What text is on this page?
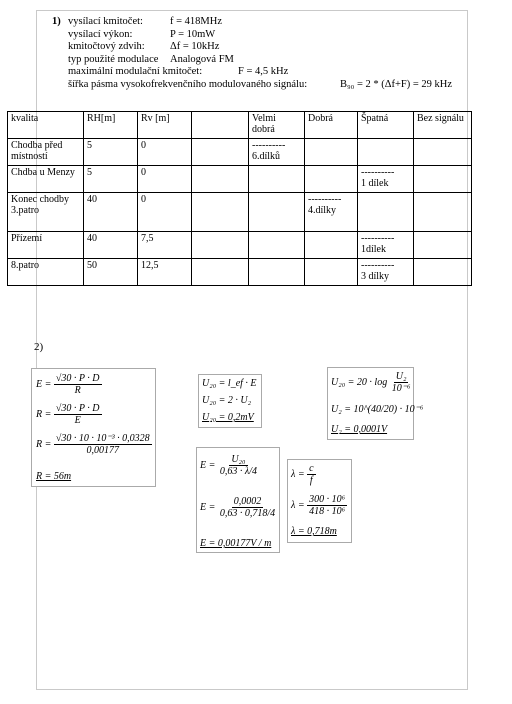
1) vysílací kmitočet:	f = 418MHz
vysílací výkon:	P = 10mW
kmitočtový zdvih: Δf = 10kHz
typ použité modulace Analogová FM
maximální modulační kmitočet:	F = 4,5 kHz
šířka pásma vysokofrekvenčního modulovaného signálu:	B₉₀ = 2 * (Δf+F) = 29 kHz
kvalita	RH[m]	Rv [m]		Velmi dobrá	Dobrá	Špatná	Bez signálu
Chodba před místností	5	0		----------
6.dílků			
Chdba u Menzy	5	0				----------
1 dílek	
Konec chodby 3.patro	40	0			----------
4.dílky		
Přízemí	40	7,5				----------
1dílek	
8.patro	50	12,5				----------
3 dílky	
2)
$E = \frac{√30 \cdot P \cdot D}{R}$
$R = \frac{√30 \cdot P \cdot D}{E}$
$R = \frac{\text{√30 · 10 · 10⁻³ · 0,0328}}{0,00177}$
R = 56m
U₂₀ = l_ef · E
U₂₀ = 2 · U₂
U₂₀ = 0,2mV
$U_{20} = 20 \cdot \log \frac{\text{U₂}}{\text{10⁻⁶}}$
U₂ = 10^(40/20) · 10⁻⁶
U₂ = 0,0001V
$E = \frac{\text{U₂₀}}{0,63 \cdot \lambda/4}$
$E = \frac{0,0002}{0,63 \cdot 0,718/4}$
E = 0,00177V / m
$\lambda = \frac{c}{f}$
$\lambda = \frac{\text{300 · 10⁶}}{\text{418 · 10⁶}}$
λ = 0,718m
